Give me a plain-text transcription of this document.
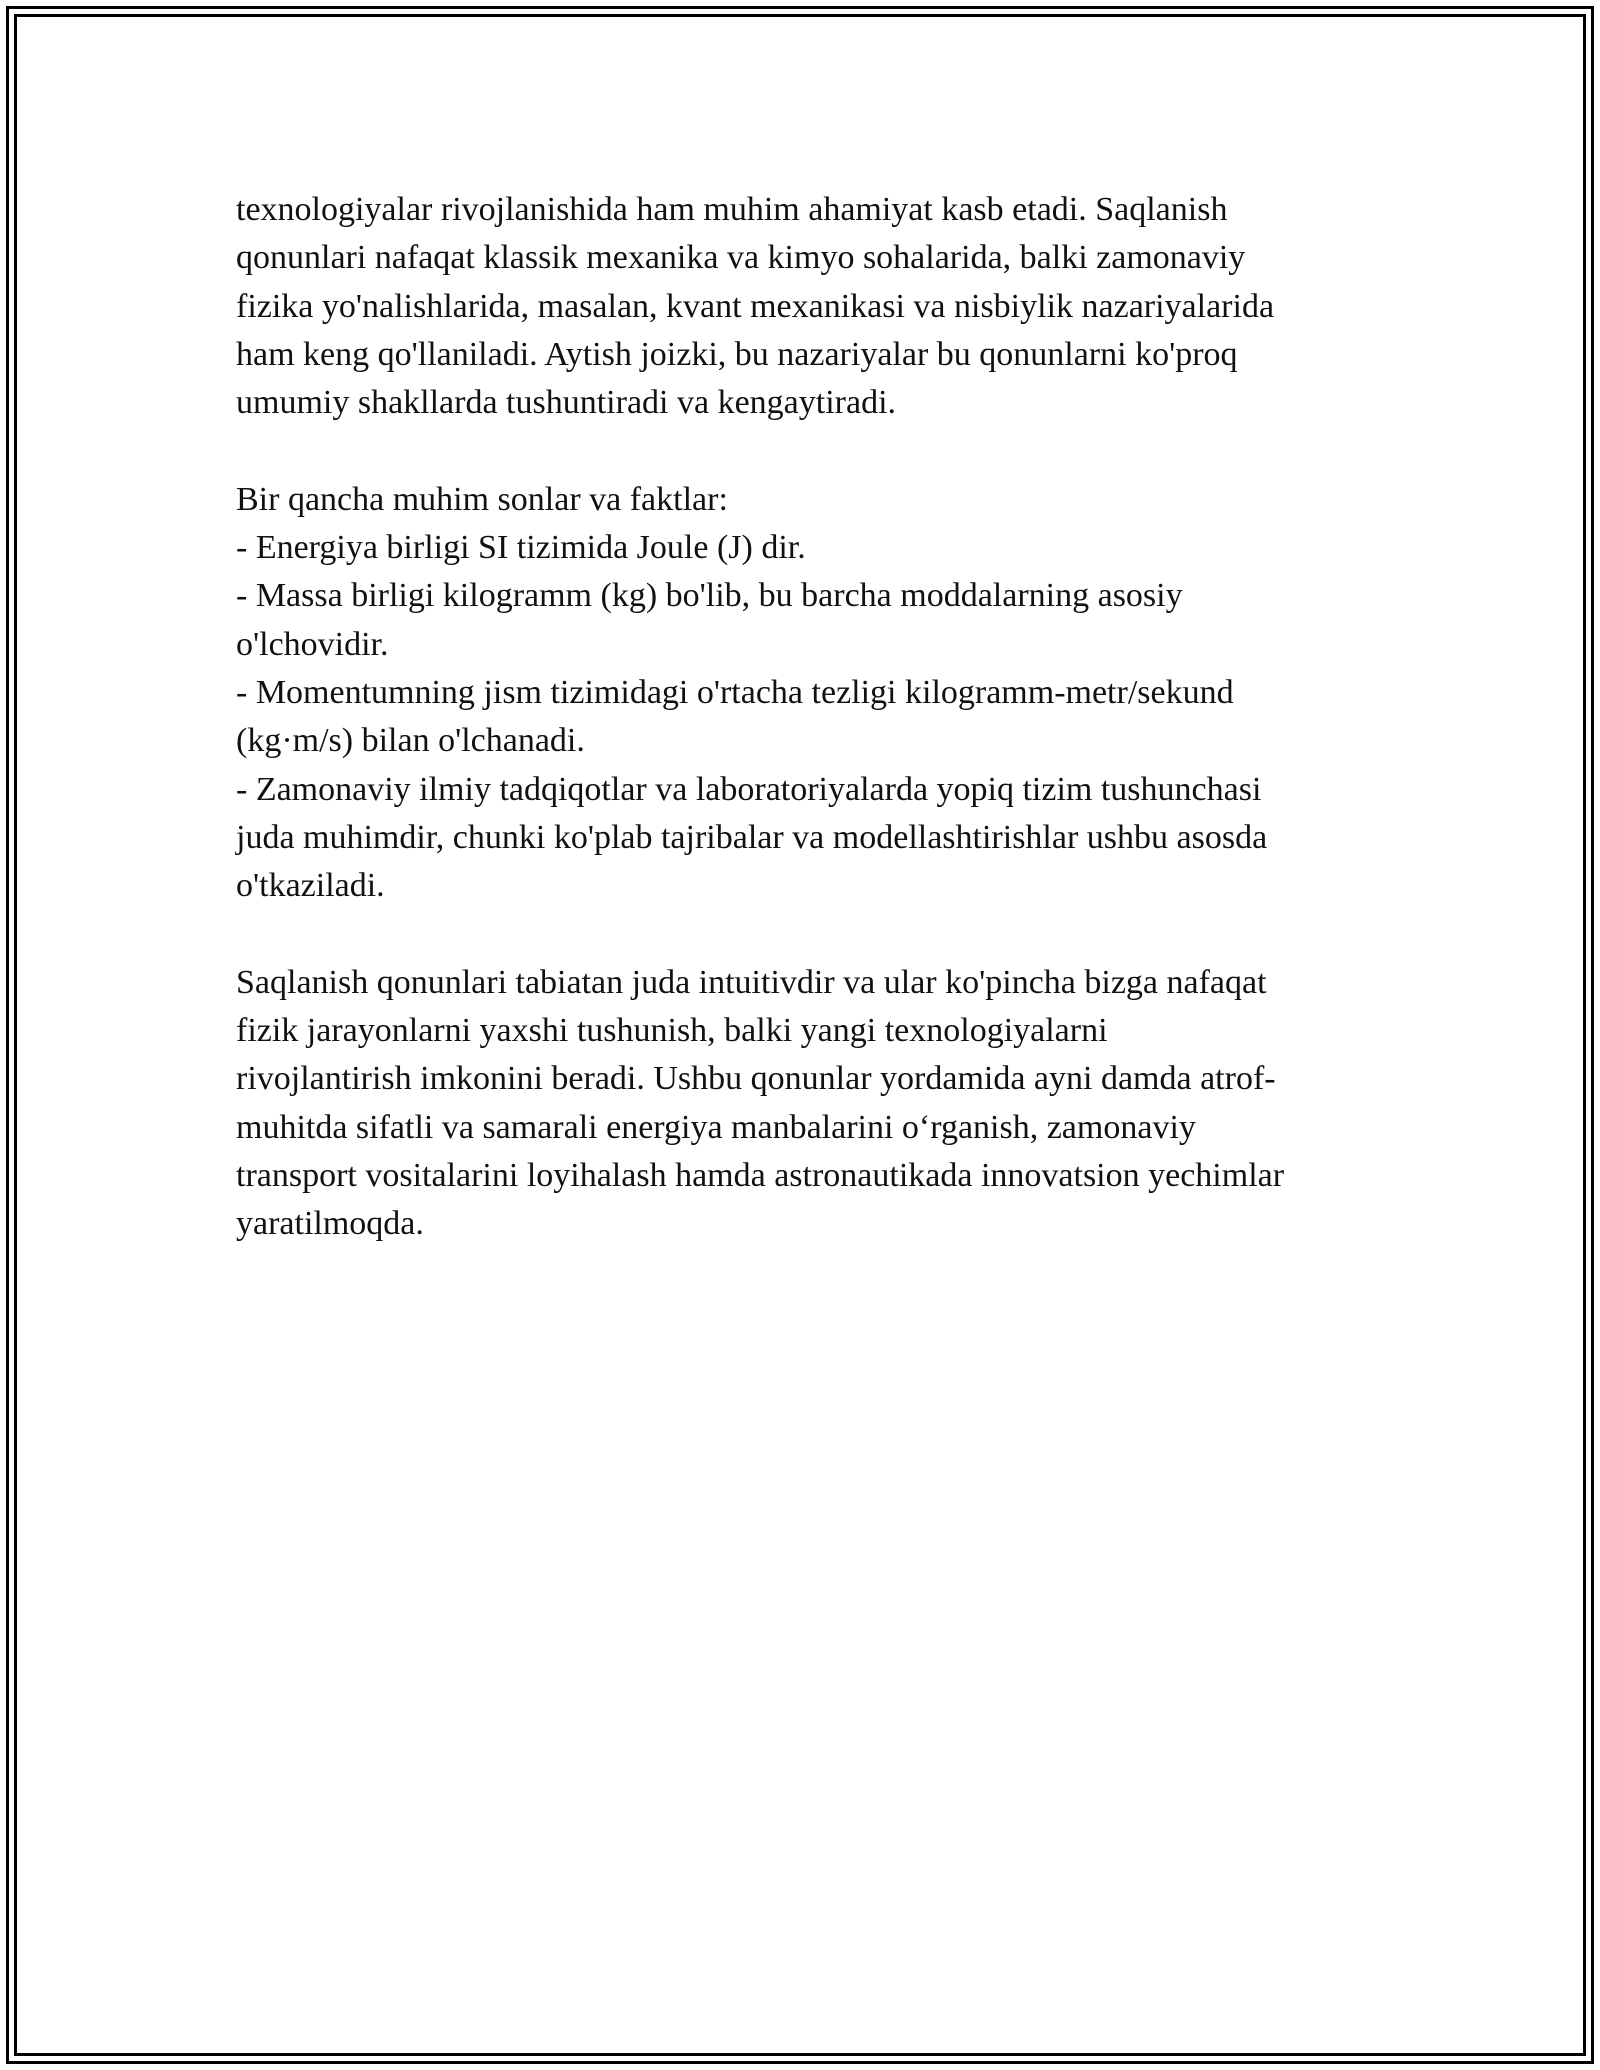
texnologiyalar rivojlanishida ham muhim ahamiyat kasb etadi. Saqlanish

qonunlari nafaqat klassik mexanika va kimyo sohalarida, balki zamonaviy

fizika yo'nalishlarida, masalan, kvant mexanikasi va nisbiylik nazariyalarida

ham keng qo'llaniladi. Aytish joizki, bu nazariyalar bu qonunlarni ko'proq

umumiy shakllarda tushuntiradi va kengaytiradi.

Bir qancha muhim sonlar va faktlar:

- Energiya birligi SI tizimida Joule (J) dir.

- Massa birligi kilogramm (kg) bo'lib, bu barcha moddalarning asosiy

o'lchovidir.

- Momentumning jism tizimidagi o'rtacha tezligi kilogramm-metr/sekund

(kg·m/s) bilan o'lchanadi.

- Zamonaviy ilmiy tadqiqotlar va laboratoriyalarda yopiq tizim tushunchasi

juda muhimdir, chunki ko'plab tajribalar va modellashtirishlar ushbu asosda

o'tkaziladi.

Saqlanish qonunlari tabiatan juda intuitivdir va ular ko'pincha bizga nafaqat

fizik jarayonlarni yaxshi tushunish, balki yangi texnologiyalarni

rivojlantirish imkonini beradi. Ushbu qonunlar yordamida ayni damda atrof-

muhitda sifatli va samarali energiya manbalarini o‘rganish, zamonaviy

transport vositalarini loyihalash hamda astronautikada innovatsion yechimlar

yaratilmoqda.
